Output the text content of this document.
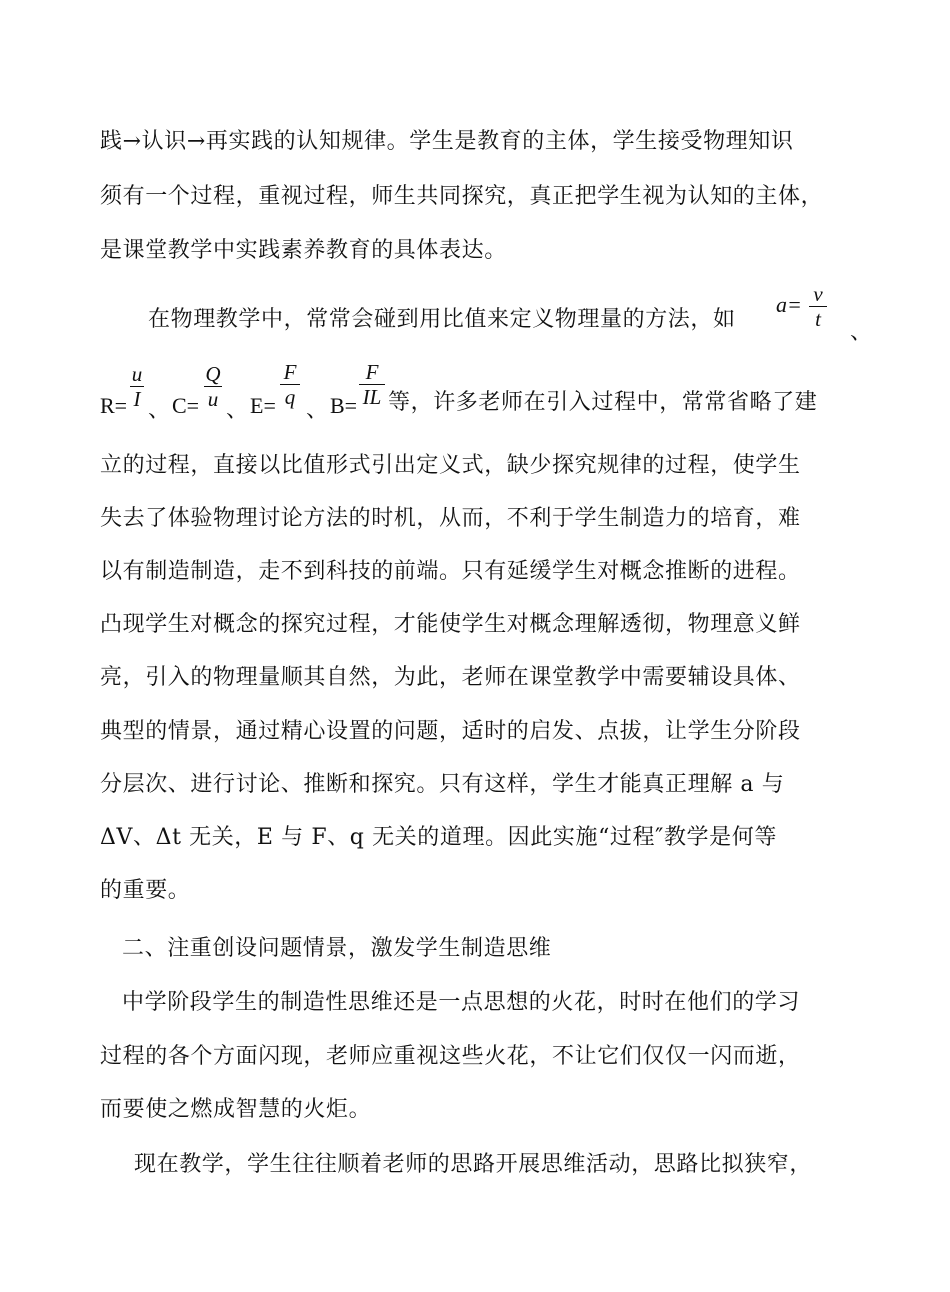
践→认识→再实践的认知规律。学生是教育的主体，学生接受物理知识
须有一个过程，重视过程，师生共同探究，真正把学生视为认知的主体，
是课堂教学中实践素养教育的具体表达。
在物理教学中，常常会碰到用比值来定义物理量的方法，如
a= v
t	、
R=
u
I 、 C=
Q
u 、 E=
F
q 、 B=
F
IL 等，许多老师在引入过程中，常常省略了建
立的过程，直接以比值形式引出定义式，缺少探究规律的过程，使学生
失去了体验物理讨论方法的时机，从而，不利于学生制造力的培育，难
以有制造制造，走不到科技的前端。只有延缓学生对概念推断的进程。
凸现学生对概念的探究过程，才能使学生对概念理解透彻，物理意义鲜
亮，引入的物理量顺其自然，为此，老师在课堂教学中需要辅设具体、
典型的情景，通过精心设置的问题，适时的启发、点拔，让学生分阶段
分层次、进行讨论、推断和探究。只有这样，学生才能真正理解 a 与
ΔV、Δt 无关，E 与 F、q 无关的道理。因此实施“过程″教学是何等
的重要。
二、注重创设问题情景，激发学生制造思维
中学阶段学生的制造性思维还是一点思想的火花，时时在他们的学习
过程的各个方面闪现，老师应重视这些火花，不让它们仅仅一闪而逝，
而要使之燃成智慧的火炬。
现在教学，学生往往顺着老师的思路开展思维活动，思路比拟狭窄，
